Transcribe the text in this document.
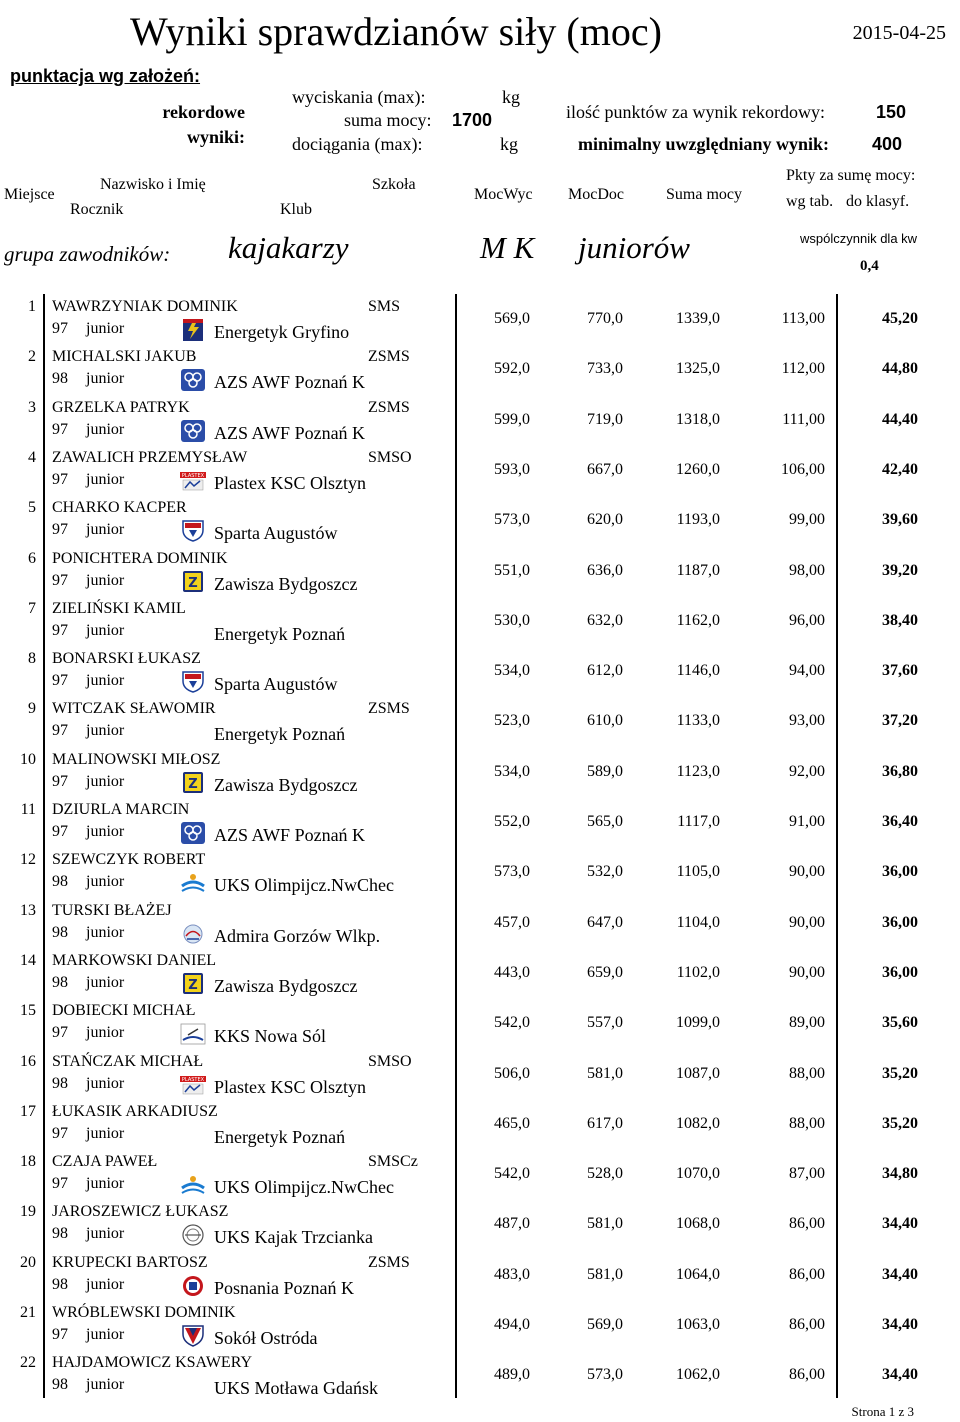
Wyniki sprawdzianów siły (moc)	2015-04-25
punktacja wg założeń:
rekordowe
wyniki:
wyciskania (max):	kg
suma mocy: 1700
dociągania (max):	kg
ilość punktów za wynik rekordowy:	150
minimalny uwzględniany wynik: 400
Miejsce
Nazwisko i Imię
Rocznik	Klub
Szkoła
MocWyc MocDoc	Suma mocy
Pkty za sumę mocy:
wg tab. do klasyf.
grupa zawodników: kajakarzy	M K juniorów	wspólczynnik dla kw
0,4
1 WAWRZYNIAK DOMINIK	SMS
97 junior	Energetyk Gryfino
569,0	770,0	1339,0	113,00	45,20
2 MICHALSKI JAKUB	ZSMS
98 junior	AZS AWF Poznań K
592,0	733,0	1325,0	112,00	44,80
3 GRZELKA PATRYK	ZSMS
97 junior	AZS AWF Poznań K
599,0	719,0	1318,0	111,00	44,40
4 ZAWALICH PRZEMYSŁAW	SMSO
97 junior	Plastex KSC Olsztyn
593,0	667,0	1260,0	106,00	42,40
PLASTEX
5 CHARKO KACPER
97 junior	Sparta Augustów
573,0	620,0	1193,0	99,00	39,60
6 PONICHTERA DOMINIK
97 junior	Zawisza Bydgoszcz
551,0	636,0	1187,0	98,00	39,20
Z
7 ZIELIŃSKI KAMIL
97 junior	Energetyk Poznań
530,0	632,0	1162,0	96,00	38,40
8 BONARSKI ŁUKASZ
97 junior	Sparta Augustów
534,0	612,0	1146,0	94,00	37,60
9 WITCZAK SŁAWOMIR	ZSMS
97 junior	Energetyk Poznań
523,0	610,0	1133,0	93,00	37,20
10 MALINOWSKI MIŁOSZ
97 junior	Zawisza Bydgoszcz
534,0	589,0	1123,0	92,00	36,80
Z
11 DZIURLA MARCIN
97 junior	AZS AWF Poznań K
552,0	565,0	1117,0	91,00	36,40
12 SZEWCZYK ROBERT
98 junior	UKS Olimpijcz.NwChec
573,0	532,0	1105,0	90,00	36,00
13 TURSKI BŁAŻEJ
98 junior	Admira Gorzów Wlkp.
457,0	647,0	1104,0	90,00	36,00
14 MARKOWSKI DANIEL
98 junior	Zawisza Bydgoszcz
443,0	659,0	1102,0	90,00	36,00
Z
15 DOBIECKI MICHAŁ
97 junior	KKS Nowa Sól
542,0	557,0	1099,0	89,00	35,60
16 STAŃCZAK MICHAŁ	SMSO
98 junior	Plastex KSC Olsztyn
506,0	581,0	1087,0	88,00	35,20
PLASTEX
17 ŁUKASIK ARKADIUSZ
97 junior	Energetyk Poznań
465,0	617,0	1082,0	88,00	35,20
18 CZAJA PAWEŁ	SMSCz
97 junior	UKS Olimpijcz.NwChec
542,0	528,0	1070,0	87,00	34,80
19 JAROSZEWICZ ŁUKASZ
98 junior	UKS Kajak Trzcianka
487,0	581,0	1068,0	86,00	34,40
20 KRUPECKI BARTOSZ	ZSMS
98 junior	Posnania Poznań K
483,0	581,0	1064,0	86,00	34,40
21 WRÓBLEWSKI DOMINIK
97 junior	Sokół Ostróda
494,0	569,0	1063,0	86,00	34,40
22 HAJDAMOWICZ KSAWERY
98 junior	UKS Motława Gdańsk
489,0	573,0	1062,0	86,00	34,40
Strona 1 z 3
